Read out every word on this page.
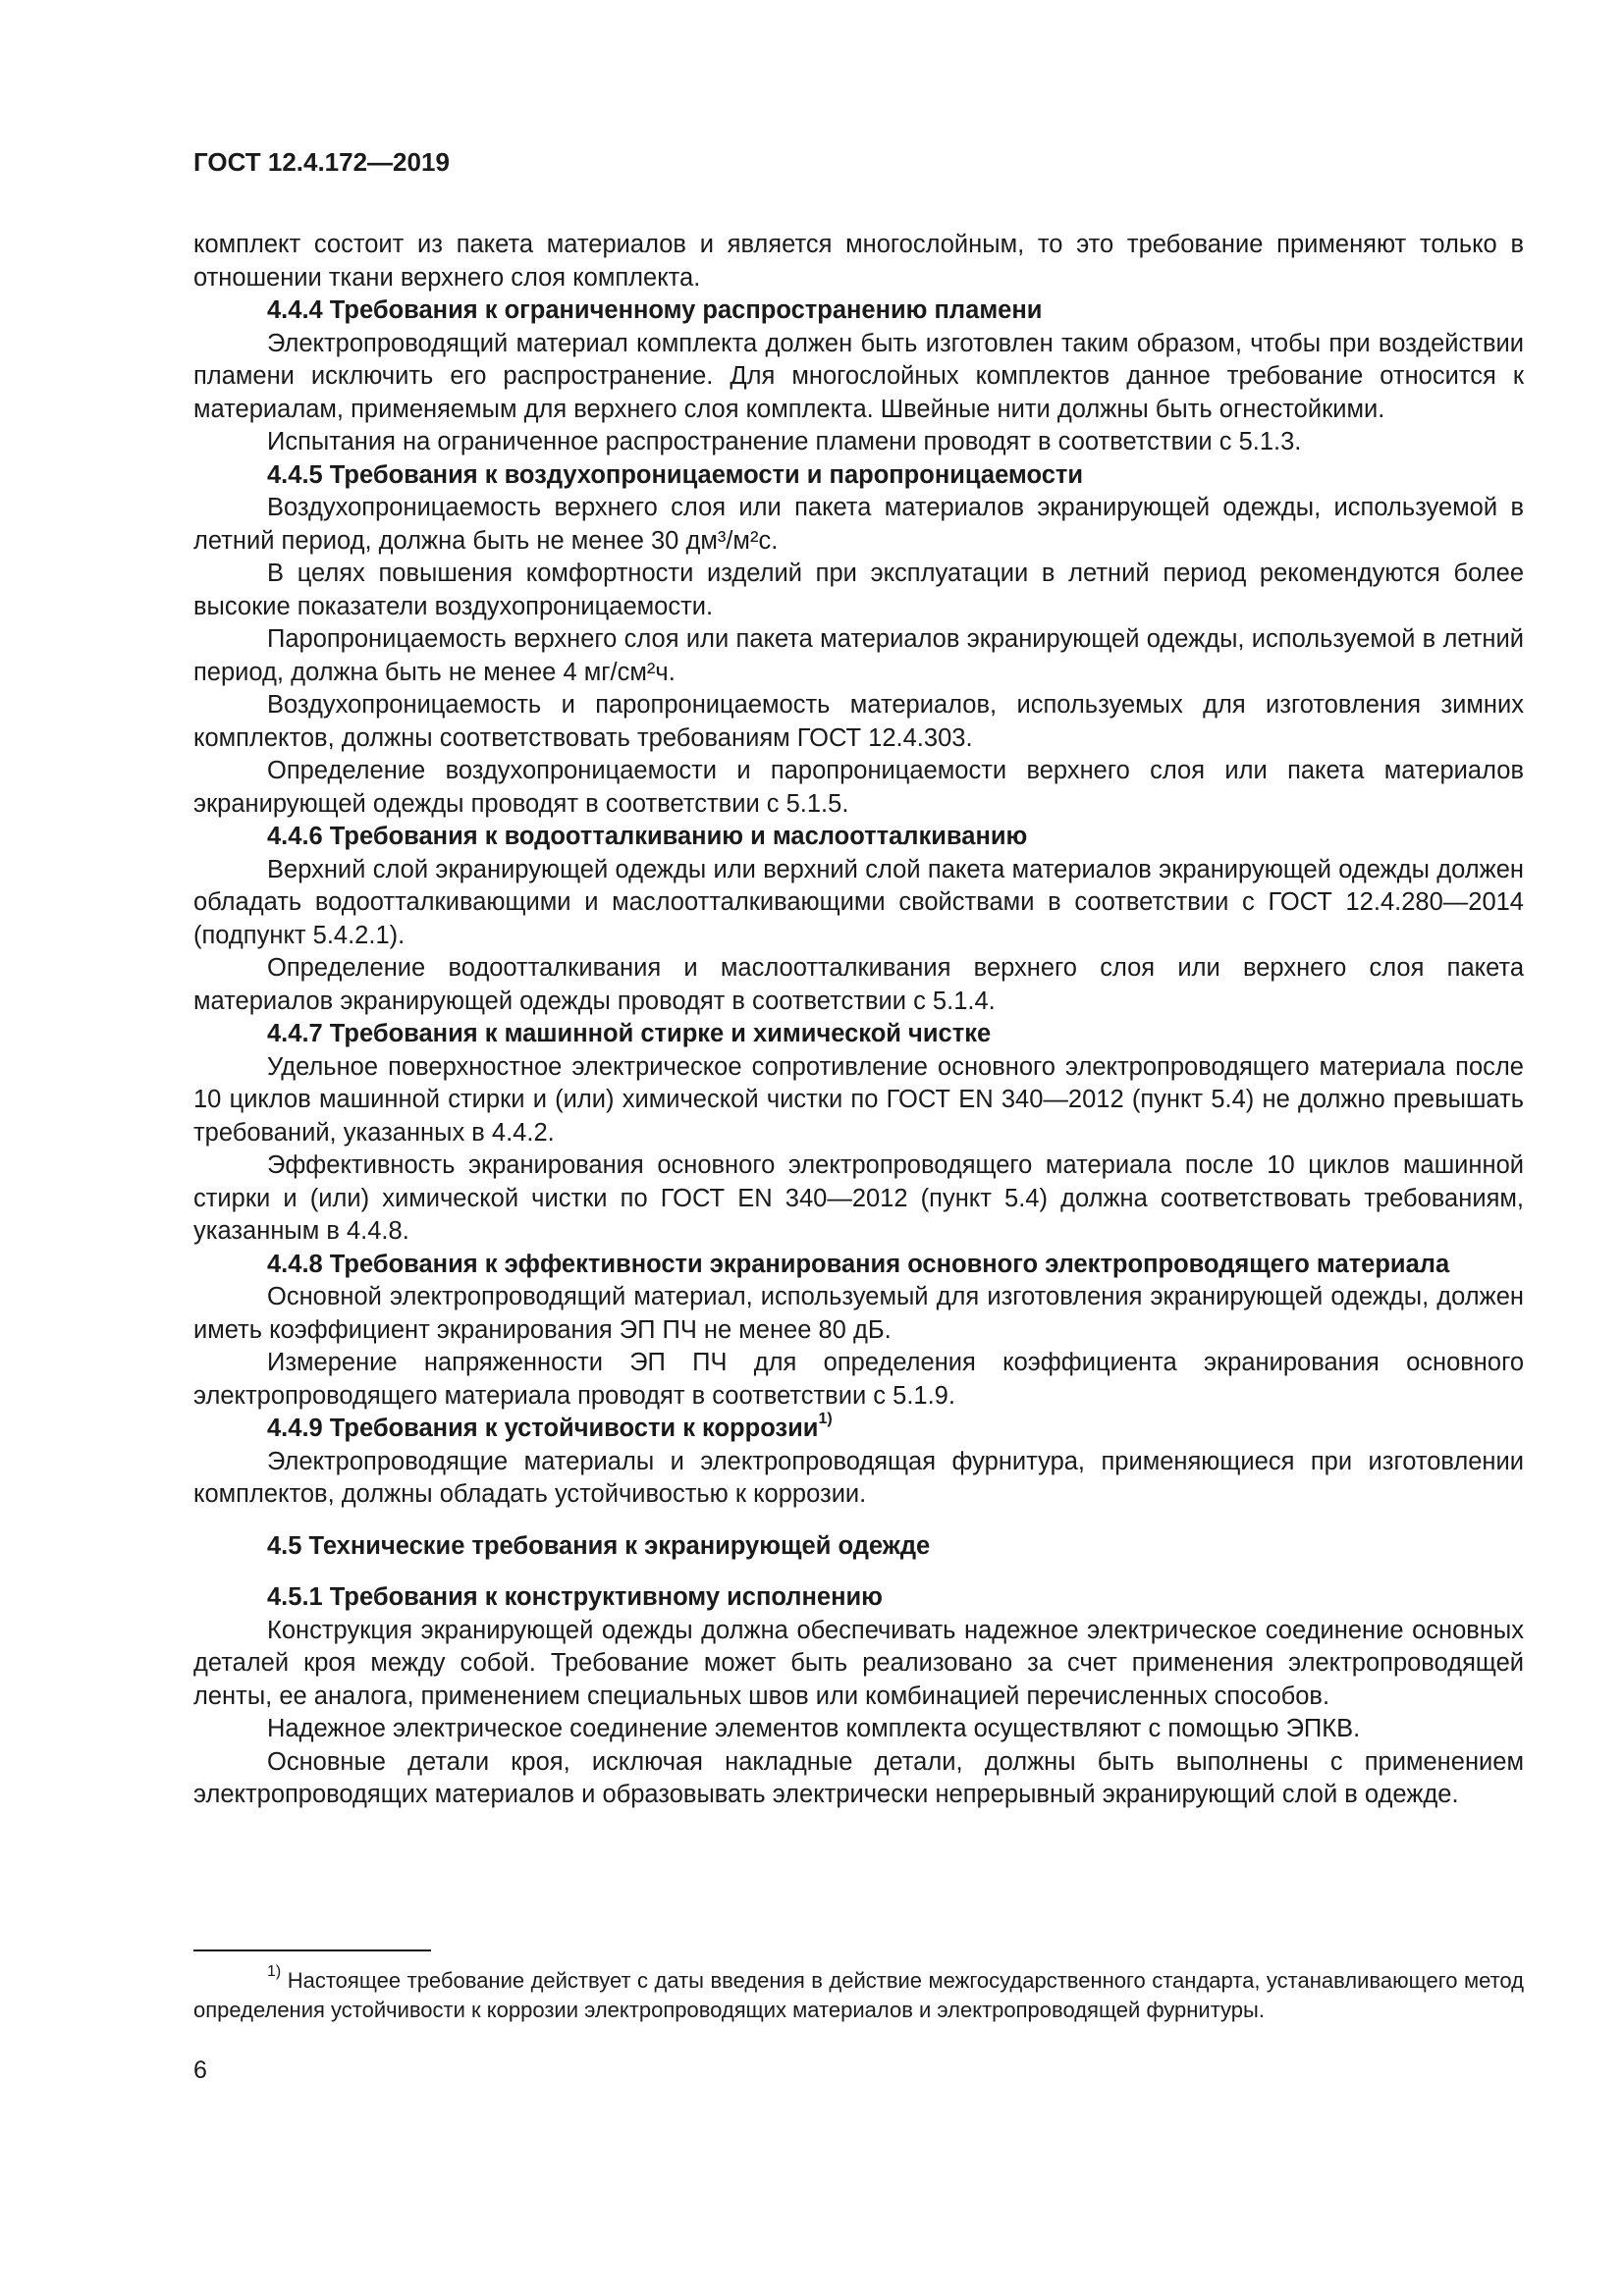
ГОСТ 12.4.172—2019

комплект состоит из пакета материалов и является многослойным, то это требование применяют только в отношении ткани верхнего слоя комплекта.

4.4.4 Требования к ограниченному распространению пламени

Электропроводящий материал комплекта должен быть изготовлен таким образом, чтобы при воздействии пламени исключить его распространение. Для многослойных комплектов данное требование относится к материалам, применяемым для верхнего слоя комплекта. Швейные нити должны быть огнестойкими.

Испытания на ограниченное распространение пламени проводят в соответствии с 5.1.3.

4.4.5 Требования к воздухопроницаемости и паропроницаемости

Воздухопроницаемость верхнего слоя или пакета материалов экранирующей одежды, используемой в летний период, должна быть не менее 30 дм³/м²с.

В целях повышения комфортности изделий при эксплуатации в летний период рекомендуются более высокие показатели воздухопроницаемости.

Паропроницаемость верхнего слоя или пакета материалов экранирующей одежды, используемой в летний период, должна быть не менее 4 мг/см²ч.

Воздухопроницаемость и паропроницаемость материалов, используемых для изготовления зимних комплектов, должны соответствовать требованиям ГОСТ 12.4.303.

Определение воздухопроницаемости и паропроницаемости верхнего слоя или пакета материалов экранирующей одежды проводят в соответствии с 5.1.5.

4.4.6 Требования к водоотталкиванию и маслоотталкиванию

Верхний слой экранирующей одежды или верхний слой пакета материалов экранирующей одежды должен обладать водоотталкивающими и маслоотталкивающими свойствами в соответствии с ГОСТ 12.4.280—2014 (подпункт 5.4.2.1).

Определение водоотталкивания и маслоотталкивания верхнего слоя или верхнего слоя пакета материалов экранирующей одежды проводят в соответствии с 5.1.4.

4.4.7 Требования к машинной стирке и химической чистке

Удельное поверхностное электрическое сопротивление основного электропроводящего материала после 10 циклов машинной стирки и (или) химической чистки по ГОСТ EN 340—2012 (пункт 5.4) не должно превышать требований, указанных в 4.4.2.

Эффективность экранирования основного электропроводящего материала после 10 циклов машинной стирки и (или) химической чистки по ГОСТ EN 340—2012 (пункт 5.4) должна соответствовать требованиям, указанным в 4.4.8.

4.4.8 Требования к эффективности экранирования основного электропроводящего материала

Основной электропроводящий материал, используемый для изготовления экранирующей одежды, должен иметь коэффициент экранирования ЭП ПЧ не менее 80 дБ.

Измерение напряженности ЭП ПЧ для определения коэффициента экранирования основного электропроводящего материала проводят в соответствии с 5.1.9.

4.4.9 Требования к устойчивости к коррозии$^{1)}$

Электропроводящие материалы и электропроводящая фурнитура, применяющиеся при изготовлении комплектов, должны обладать устойчивостью к коррозии.

4.5 Технические требования к экранирующей одежде
4.5.1 Требования к конструктивному исполнению

Конструкция экранирующей одежды должна обеспечивать надежное электрическое соединение основных деталей кроя между собой. Требование может быть реализовано за счет применения электропроводящей ленты, ее аналога, применением специальных швов или комбинацией перечисленных способов.

Надежное электрическое соединение элементов комплекта осуществляют с помощью ЭПКВ.

Основные детали кроя, исключая накладные детали, должны быть выполнены с применением электропроводящих материалов и образовывать электрически непрерывный экранирующий слой в одежде.

$^{1)}$ Настоящее требование действует с даты введения в действие межгосударственного стандарта, устанавливающего метод определения устойчивости к коррозии электропроводящих материалов и электропроводящей фурнитуры.

6
